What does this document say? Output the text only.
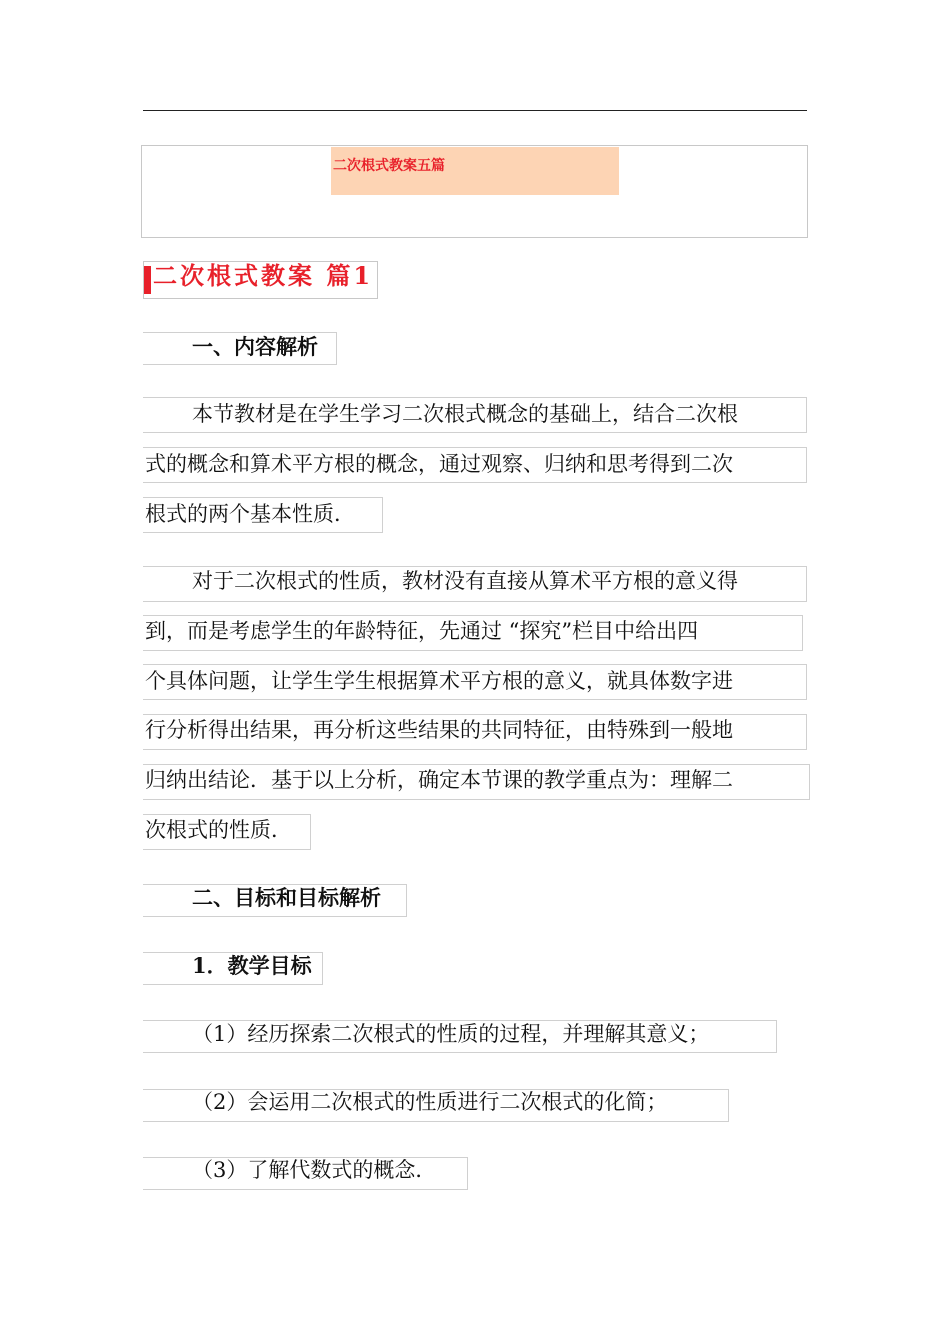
二次根式教案五篇
二次根式教案 篇1
一、内容解析
本节教材是在学生学习二次根式概念的基础上，结合二次根
式的概念和算术平方根的概念，通过观察、归纳和思考得到二次
根式的两个基本性质．
对于二次根式的性质，教材没有直接从算术平方根的意义得
到，而是考虑学生的年龄特征，先通过 “探究”栏目中给出四
个具体问题，让学生学生根据算术平方根的意义，就具体数字进
行分析得出结果，再分析这些结果的共同特征，由特殊到一般地
归纳出结论．基于以上分析，确定本节课的教学重点为：理解二
次根式的性质．
二、目标和目标解析
1．教学目标
（1）经历探索二次根式的性质的过程，并理解其意义；
（2）会运用二次根式的性质进行二次根式的化简；
（3）了解代数式的概念．
